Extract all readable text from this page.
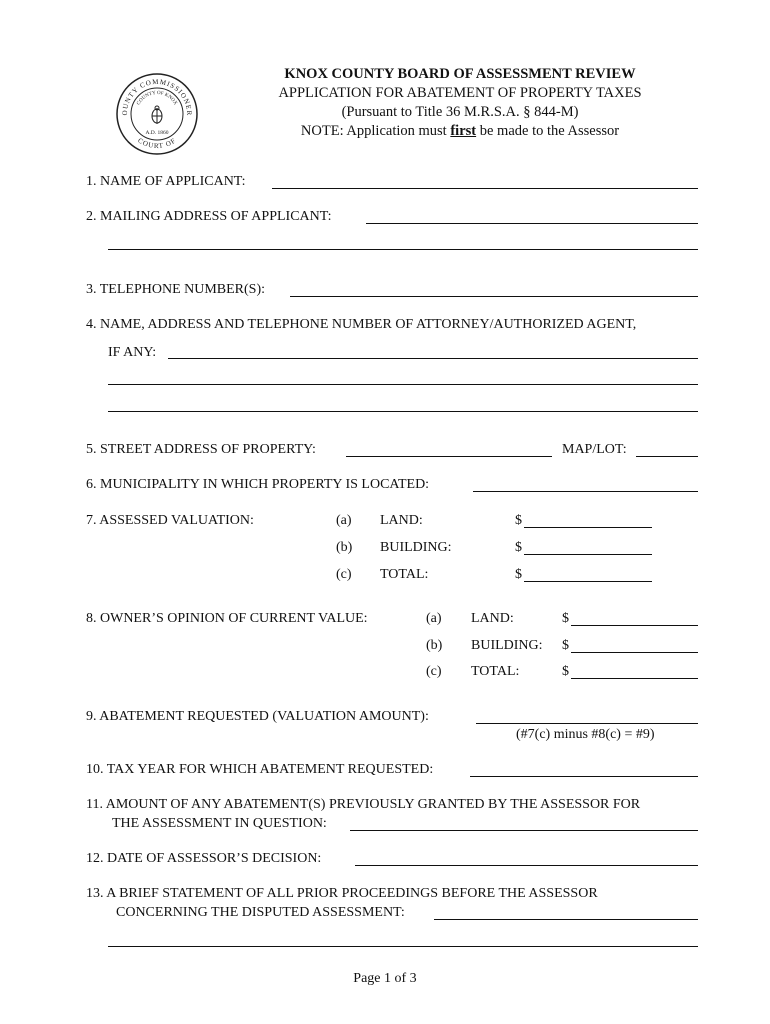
OUNTY COMMISSIONER
COURT OF
COUNTY OF KNOX
A.D. 1860
KNOX COUNTY BOARD OF ASSESSMENT REVIEW
APPLICATION FOR ABATEMENT OF PROPERTY TAXES
(Pursuant to Title 36 M.R.S.A. § 844-M)
NOTE: Application must first be made to the Assessor
1. NAME OF APPLICANT:
2. MAILING ADDRESS OF APPLICANT:
3. TELEPHONE NUMBER(S):
4. NAME, ADDRESS AND TELEPHONE NUMBER OF ATTORNEY/AUTHORIZED AGENT,
IF ANY:
5. STREET ADDRESS OF PROPERTY:	MAP/LOT:
6. MUNICIPALITY IN WHICH PROPERTY IS LOCATED:
7. ASSESSED VALUATION:	(a) LAND:	$
(b) BUILDING:	$
(c) TOTAL:	$
8. OWNER’S OPINION OF CURRENT VALUE:	(a) LAND:	$
(b) BUILDING: $
(c) TOTAL:	$
9. ABATEMENT REQUESTED (VALUATION AMOUNT):
(#7(c) minus #8(c) = #9)
10. TAX YEAR FOR WHICH ABATEMENT REQUESTED:
11. AMOUNT OF ANY ABATEMENT(S) PREVIOUSLY GRANTED BY THE ASSESSOR FOR
THE ASSESSMENT IN QUESTION:
12. DATE OF ASSESSOR’S DECISION:
13. A BRIEF STATEMENT OF ALL PRIOR PROCEEDINGS BEFORE THE ASSESSOR
CONCERNING THE DISPUTED ASSESSMENT:
Page 1 of 3
